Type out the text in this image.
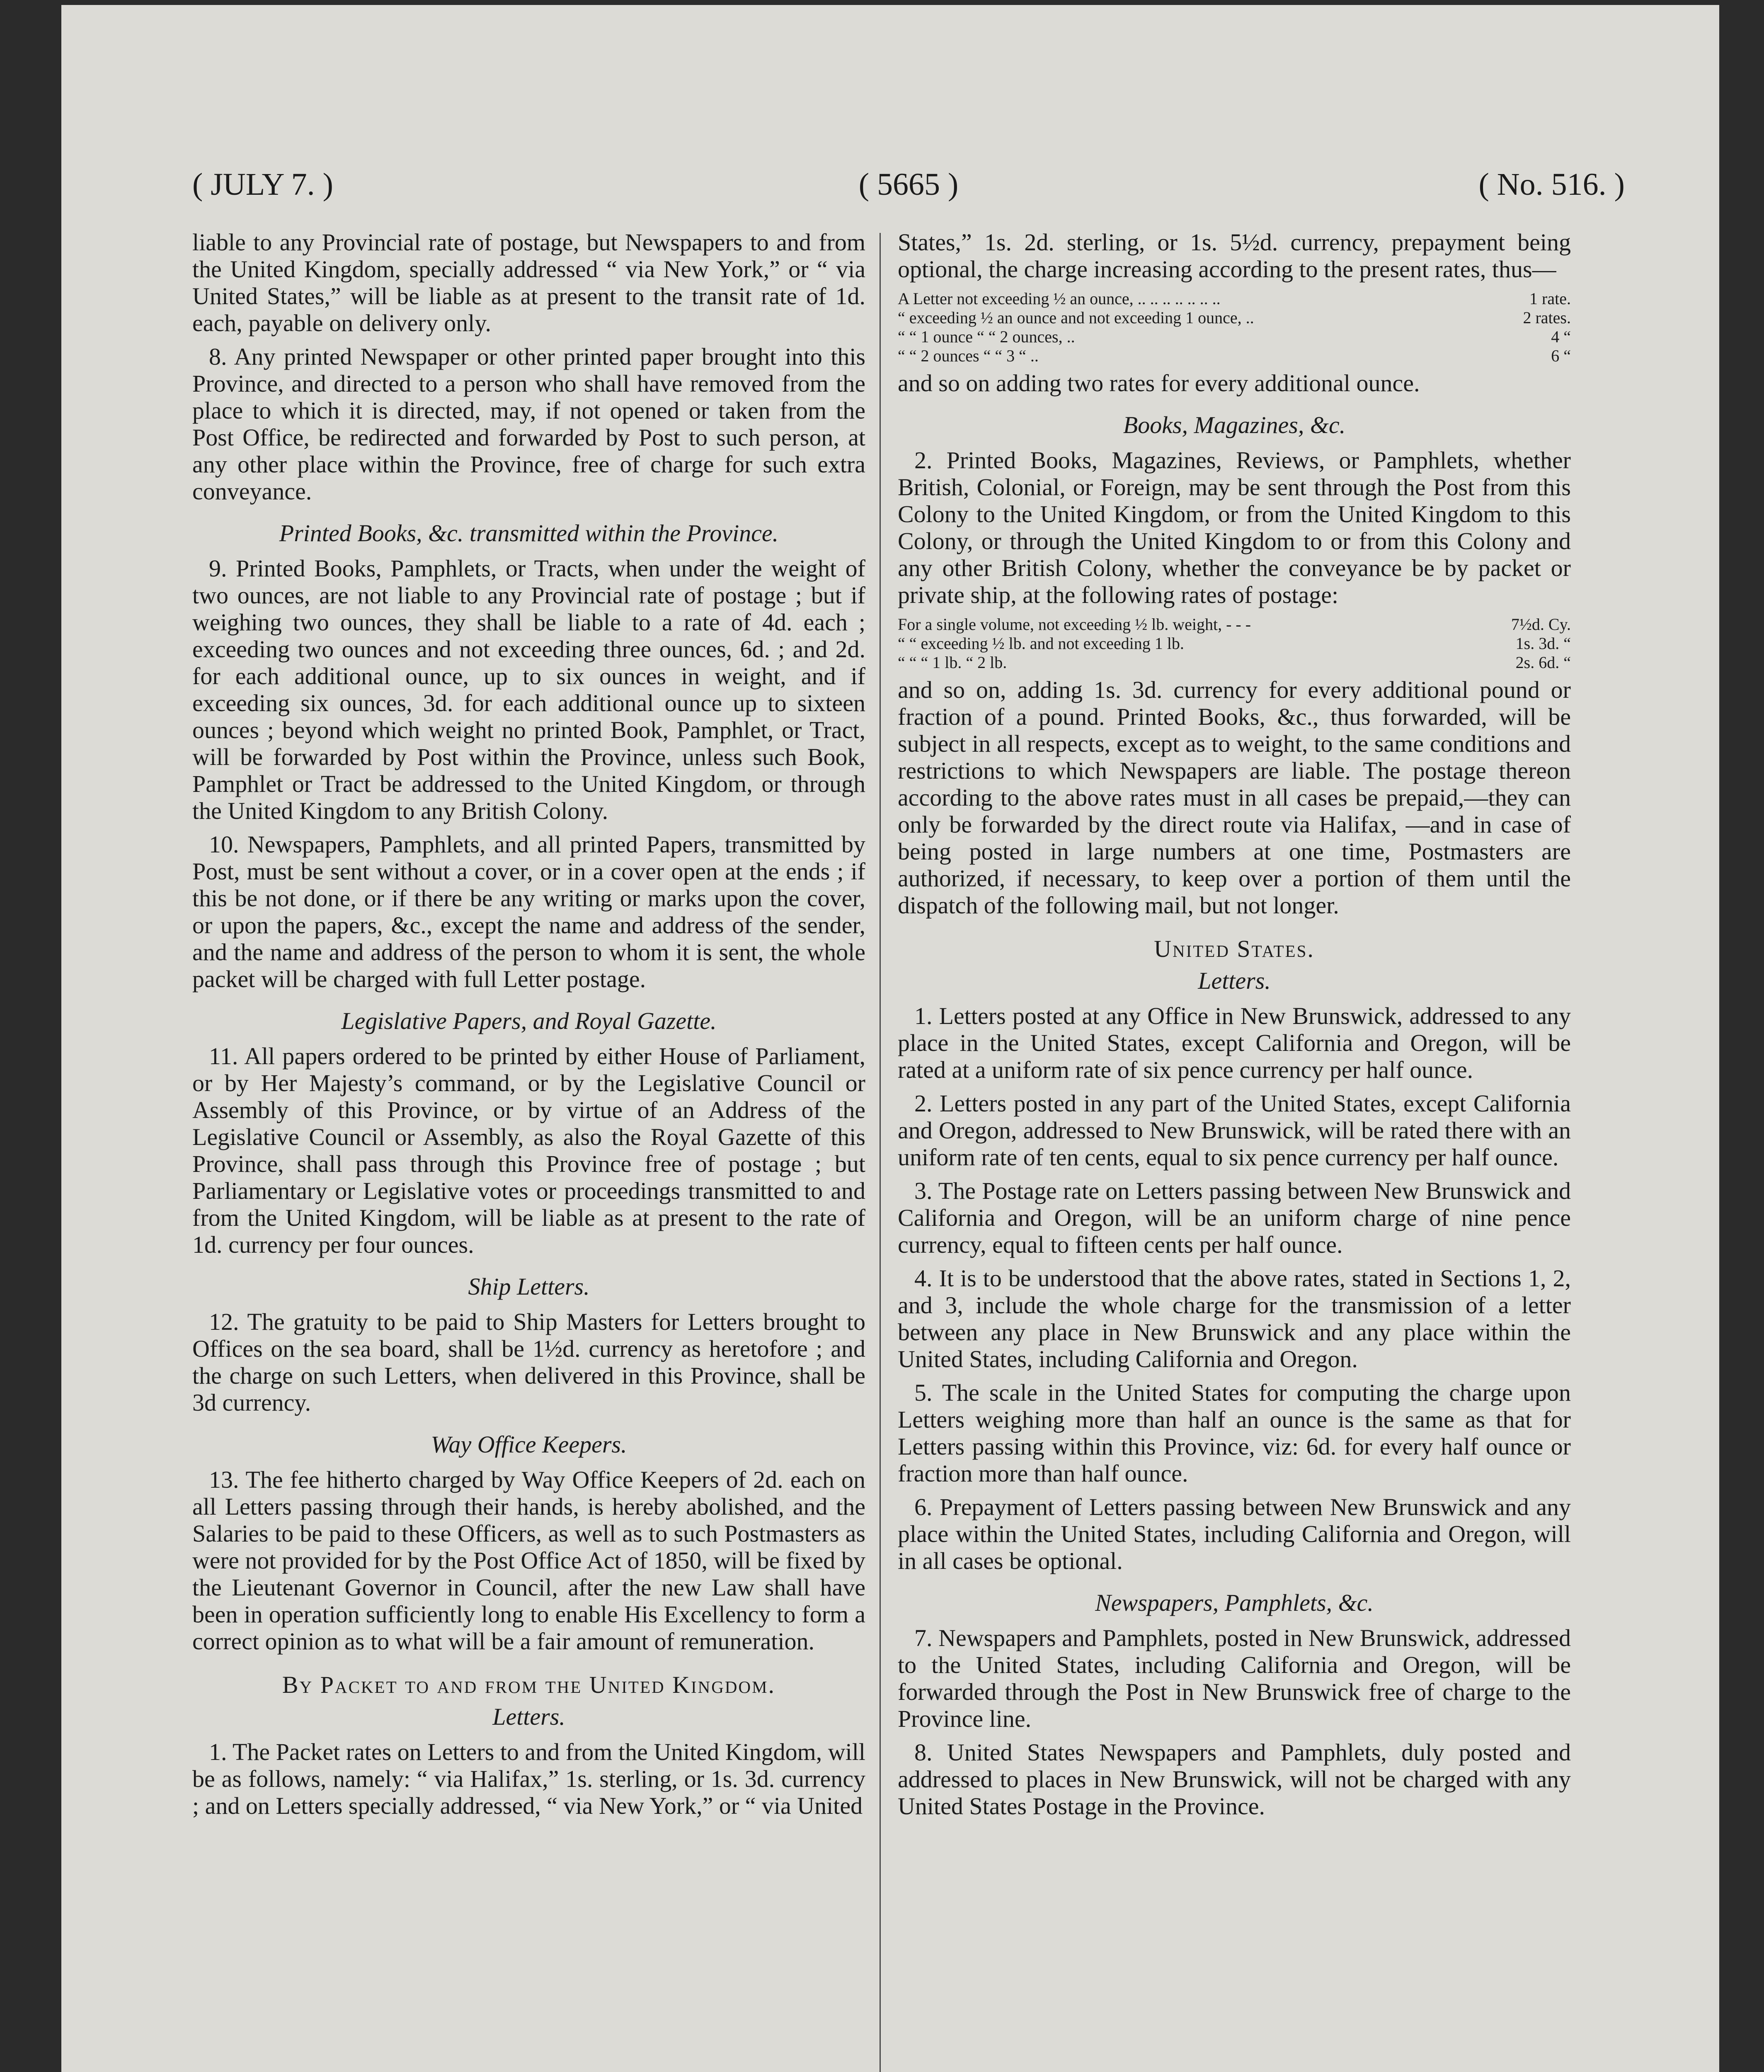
( JULY 7. )	( 5665 )	( No. 516. )

liable to any Provincial rate of postage, but Newspapers to and from the United Kingdom, specially addressed “ via New York,” or “ via United States,” will be liable as at present to the transit rate of 1d. each, payable on delivery only.

8. Any printed Newspaper or other printed paper brought into this Province, and directed to a person who shall have removed from the place to which it is directed, may, if not opened or taken from the Post Office, be redirected and forwarded by Post to such person, at any other place within the Province, free of charge for such extra conveyance.

Printed Books, &c. transmitted within the Province.

9. Printed Books, Pamphlets, or Tracts, when under the weight of two ounces, are not liable to any Provincial rate of postage ; but if weighing two ounces, they shall be liable to a rate of 4d. each ; exceeding two ounces and not exceeding three ounces, 6d. ; and 2d. for each additional ounce, up to six ounces in weight, and if exceeding six ounces, 3d. for each additional ounce up to sixteen ounces ; beyond which weight no printed Book, Pamphlet, or Tract, will be forwarded by Post within the Province, unless such Book, Pamphlet or Tract be addressed to the United Kingdom, or through the United Kingdom to any British Colony.

10. Newspapers, Pamphlets, and all printed Papers, transmitted by Post, must be sent without a cover, or in a cover open at the ends ; if this be not done, or if there be any writing or marks upon the cover, or upon the papers, &c., except the name and address of the sender, and the name and address of the person to whom it is sent, the whole packet will be charged with full Letter postage.

Legislative Papers, and Royal Gazette.

11. All papers ordered to be printed by either House of Parliament, or by Her Majesty’s command, or by the Legislative Council or Assembly of this Province, or by virtue of an Address of the Legislative Council or Assembly, as also the Royal Gazette of this Province, shall pass through this Province free of postage ; but Parliamentary or Legislative votes or proceedings transmitted to and from the United Kingdom, will be liable as at present to the rate of 1d. currency per four ounces.

Ship Letters.

12. The gratuity to be paid to Ship Masters for Letters brought to Offices on the sea board, shall be 1½d. currency as heretofore ; and the charge on such Letters, when delivered in this Province, shall be 3d currency.

Way Office Keepers.

13. The fee hitherto charged by Way Office Keepers of 2d. each on all Letters passing through their hands, is hereby abolished, and the Salaries to be paid to these Officers, as well as to such Postmasters as were not provided for by the Post Office Act of 1850, will be fixed by the Lieutenant Governor in Council, after the new Law shall have been in operation sufficiently long to enable His Excellency to form a correct opinion as to what will be a fair amount of remuneration.

By Packet to and from the United Kingdom.

Letters.

1. The Packet rates on Letters to and from the United Kingdom, will be as follows, namely: “ via Halifax,” 1s. sterling, or 1s. 3d. currency ; and on Letters specially addressed, “ via New York,” or “ via United

States,” 1s. 2d. sterling, or 1s. 5½d. currency, prepayment being optional, the charge increasing according to the present rates, thus—

A Letter not exceeding ½ an ounce, .. .. .. .. .. .. ..	1 rate.
“ exceeding ½ an ounce and not exceeding 1 ounce, ..	2 rates.
“ “ 1 ounce “ “ 2 ounces, ..	4 “
“ “ 2 ounces “ “ 3 “ ..	6 “

and so on adding two rates for every additional ounce.

Books, Magazines, &c.

2. Printed Books, Magazines, Reviews, or Pamphlets, whether British, Colonial, or Foreign, may be sent through the Post from this Colony to the United Kingdom, or from the United Kingdom to this Colony, or through the United Kingdom to or from this Colony and any other British Colony, whether the conveyance be by packet or private ship, at the following rates of postage:

For a single volume, not exceeding ½ lb. weight, - - -	7½d. Cy.
“ “ exceeding ½ lb. and not exceeding 1 lb.	1s. 3d. “
“ “ “ 1 lb. “ 2 lb.	2s. 6d. “

and so on, adding 1s. 3d. currency for every additional pound or fraction of a pound. Printed Books, &c., thus forwarded, will be subject in all respects, except as to weight, to the same conditions and restrictions to which Newspapers are liable. The postage thereon according to the above rates must in all cases be prepaid,—they can only be forwarded by the direct route via Halifax, —and in case of being posted in large numbers at one time, Postmasters are authorized, if necessary, to keep over a portion of them until the dispatch of the following mail, but not longer.

United States.

Letters.

1. Letters posted at any Office in New Brunswick, addressed to any place in the United States, except California and Oregon, will be rated at a uniform rate of six pence currency per half ounce.

2. Letters posted in any part of the United States, except California and Oregon, addressed to New Brunswick, will be rated there with an uniform rate of ten cents, equal to six pence currency per half ounce.

3. The Postage rate on Letters passing between New Brunswick and California and Oregon, will be an uniform charge of nine pence currency, equal to fifteen cents per half ounce.

4. It is to be understood that the above rates, stated in Sections 1, 2, and 3, include the whole charge for the transmission of a letter between any place in New Brunswick and any place within the United States, including California and Oregon.

5. The scale in the United States for computing the charge upon Letters weighing more than half an ounce is the same as that for Letters passing within this Province, viz: 6d. for every half ounce or fraction more than half ounce.

6. Prepayment of Letters passing between New Brunswick and any place within the United States, including California and Oregon, will in all cases be optional.

Newspapers, Pamphlets, &c.

7. Newspapers and Pamphlets, posted in New Brunswick, addressed to the United States, including California and Oregon, will be forwarded through the Post in New Brunswick free of charge to the Province line.

8. United States Newspapers and Pamphlets, duly posted and addressed to places in New Brunswick, will not be charged with any United States Postage in the Province.
